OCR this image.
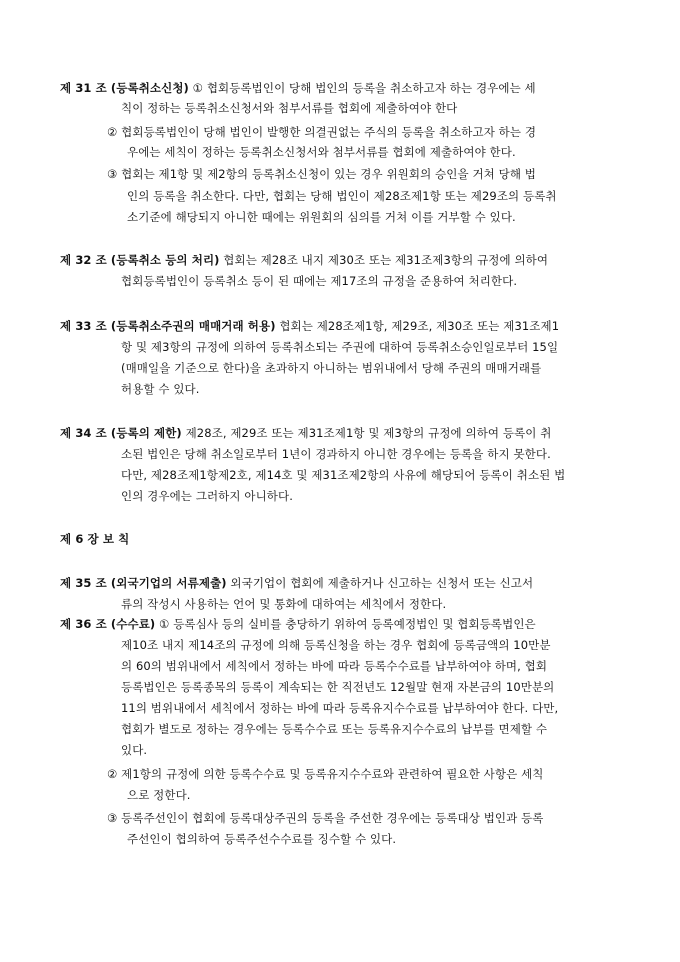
제 31 조 (등록취소신청) ① 협회등록법인이 당해 법인의 등록을 취소하고자 하는 경우에는 세
칙이 정하는 등록취소신청서와 첨부서류를 협회에 제출하여야 한다
② 협회등록법인이 당해 법인이 발행한 의결권없는 주식의 등록을 취소하고자 하는 경
우에는 세칙이 정하는 등록취소신청서와 첨부서류를 협회에 제출하여야 한다.
③ 협회는 제1항 및 제2항의 등록취소신청이 있는 경우 위원회의 승인을 거쳐 당해 법
인의 등록을 취소한다. 다만, 협회는 당해 법인이 제28조제1항 또는 제29조의 등록취
소기준에 해당되지 아니한 때에는 위원회의 심의를 거쳐 이를 거부할 수 있다.
제 32 조 (등록취소 등의 처리) 협회는 제28조 내지 제30조 또는 제31조제3항의 규정에 의하여
협회등록법인이 등록취소 등이 된 때에는 제17조의 규정을 준용하여 처리한다.
제 33 조 (등록취소주권의 매매거래 허용) 협회는 제28조제1항, 제29조, 제30조 또는 제31조제1
항 및 제3항의 규정에 의하여 등록취소되는 주권에 대하여 등록취소승인일로부터 15일
(매매일을 기준으로 한다)을 초과하지 아니하는 범위내에서 당해 주권의 매매거래를
허용할 수 있다.
제 34 조 (등록의 제한) 제28조, 제29조 또는 제31조제1항 및 제3항의 규정에 의하여 등록이 취
소된 법인은 당해 취소일로부터 1년이 경과하지 아니한 경우에는 등록을 하지 못한다.
다만, 제28조제1항제2호, 제14호 및 제31조제2항의 사유에 해당되어 등록이 취소된 법
인의 경우에는 그러하지 아니하다.
제 6 장 보 칙
제 35 조 (외국기업의 서류제출) 외국기업이 협회에 제출하거나 신고하는 신청서 또는 신고서
류의 작성시 사용하는 언어 및 통화에 대하여는 세칙에서 정한다.
제 36 조 (수수료) ① 등록심사 등의 실비를 충당하기 위하여 등록예정법인 및 협회등록법인은
제10조 내지 제14조의 규정에 의해 등록신청을 하는 경우 협회에 등록금액의 10만분
의 60의 범위내에서 세칙에서 정하는 바에 따라 등록수수료를 납부하여야 하며, 협회
등록법인은 등록종목의 등록이 계속되는 한 직전년도 12월말 현재 자본금의 10만분의
11의 범위내에서 세칙에서 정하는 바에 따라 등록유지수수료를 납부하여야 한다. 다만,
협회가 별도로 정하는 경우에는 등록수수료 또는 등록유지수수료의 납부를 면제할 수
있다.
② 제1항의 규정에 의한 등록수수료 및 등록유지수수료와 관련하여 필요한 사항은 세칙
으로 정한다.
③ 등록주선인이 협회에 등록대상주권의 등록을 주선한 경우에는 등록대상 법인과 등록
주선인이 협의하여 등록주선수수료를 징수할 수 있다.
